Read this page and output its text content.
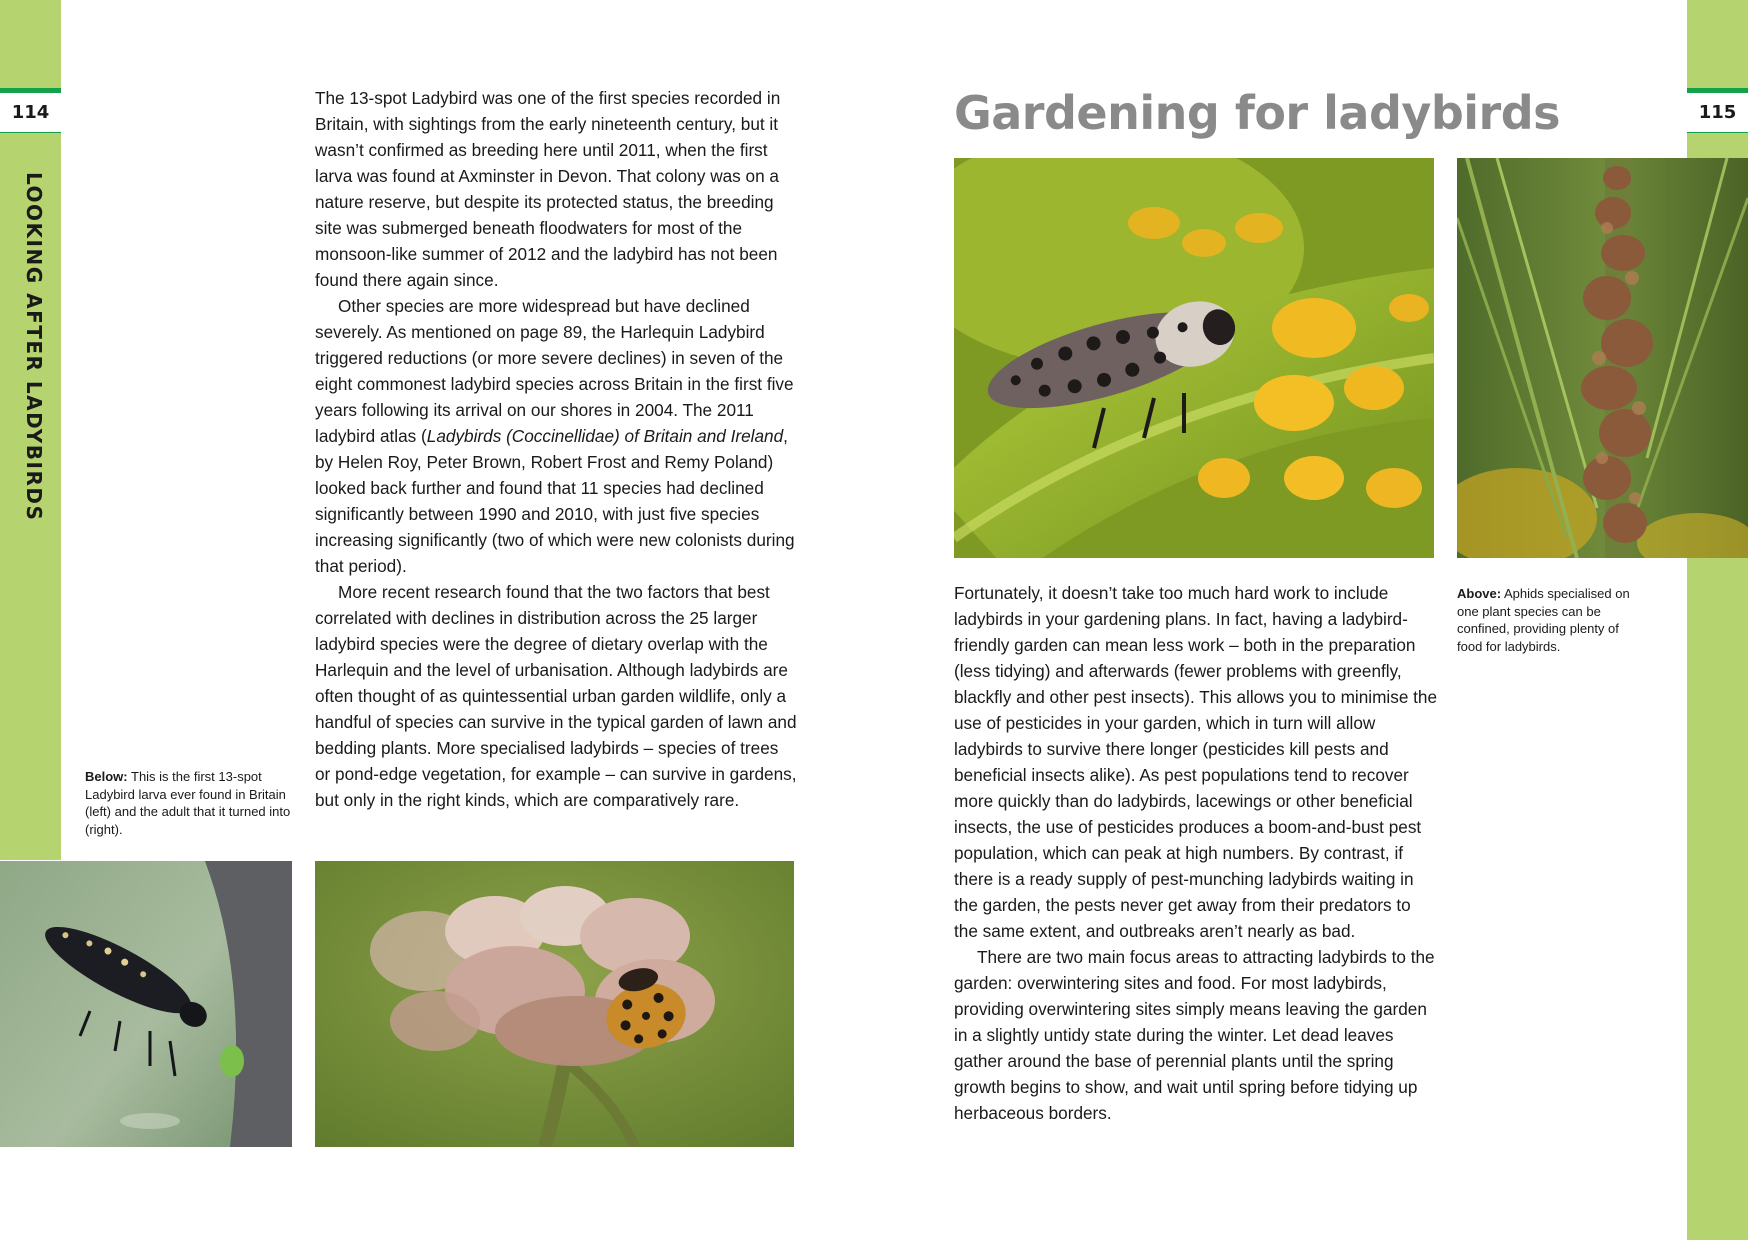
114
LOOKING AFTER LADYBIRDS
115

The 13-spot Ladybird was one of the first species recorded in Britain, with sightings from the early nineteenth century, but it wasn’t confirmed as breeding here until 2011, when the first larva was found at Axminster in Devon. That colony was on a nature reserve, but despite its protected status, the breeding site was submerged beneath floodwaters for most of the monsoon-like summer of 2012 and the ladybird has not been found there again since.

Other species are more widespread but have declined severely. As mentioned on page 89, the Harlequin Ladybird triggered reductions (or more severe declines) in seven of the eight commonest ladybird species across Britain in the first five years following its arrival on our shores in 2004. The 2011 ladybird atlas (Ladybirds (Coccinellidae) of Britain and Ireland, by Helen Roy, Peter Brown, Robert Frost and Remy Poland) looked back further and found that 11 species had declined significantly between 1990 and 2010, with just five species increasing significantly (two of which were new colonists during that period).

More recent research found that the two factors that best correlated with declines in distribution across the 25 larger ladybird species were the degree of dietary overlap with the Harlequin and the level of urbanisation. Although ladybirds are often thought of as quintessential urban garden wildlife, only a handful of species can survive in the typical garden of lawn and bedding plants. More specialised ladybirds – species of trees or pond-edge vegetation, for example – can survive in gardens, but only in the right kinds, which are comparatively rare.

Below: This is the first 13-spot Ladybird larva ever found in Britain (left) and the adult that it turned into (right).
Gardening for ladybirds

Fortunately, it doesn’t take too much hard work to include ladybirds in your gardening plans. In fact, having a ladybird-friendly garden can mean less work – both in the preparation (less tidying) and afterwards (fewer problems with greenfly, blackfly and other pest insects). This allows you to minimise the use of pesticides in your garden, which in turn will allow ladybirds to survive there longer (pesticides kill pests and beneficial insects alike). As pest populations tend to recover more quickly than do ladybirds, lacewings or other beneficial insects, the use of pesticides produces a boom-and-bust pest population, which can peak at high numbers. By contrast, if there is a ready supply of pest-munching ladybirds waiting in the garden, the pests never get away from their predators to the same extent, and outbreaks aren’t nearly as bad.

There are two main focus areas to attracting ladybirds to the garden: overwintering sites and food. For most ladybirds, providing overwintering sites simply means leaving the garden in a slightly untidy state during the winter. Let dead leaves gather around the base of perennial plants until the spring growth begins to show, and wait until spring before tidying up herbaceous borders.

Above: Aphids specialised on one plant species can be confined, providing plenty of food for ladybirds.
